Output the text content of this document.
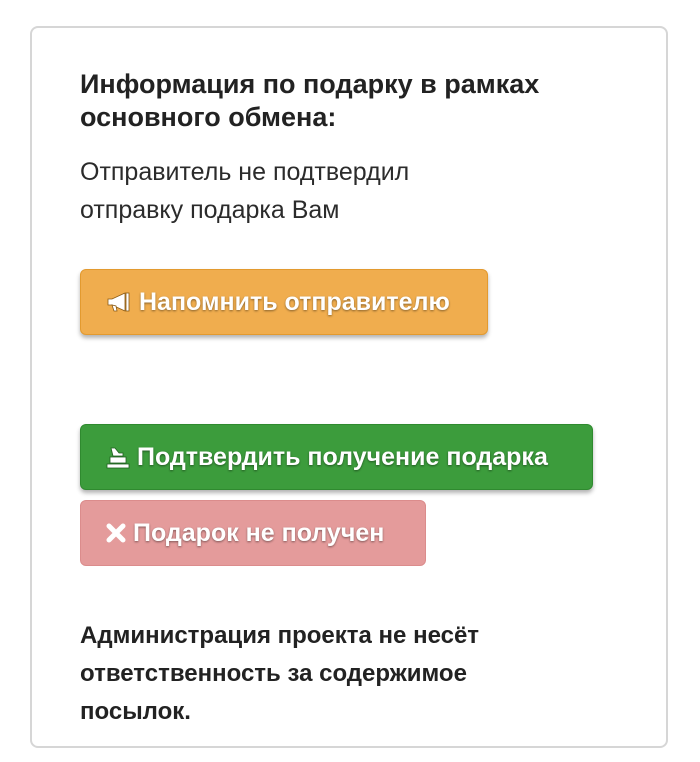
Информация по подарку в рамках основного обмена:

Отправитель не подтвердил отправку подарка Вам

Напомнить отправителю
Подтвердить получение подарка
Подарок не получен

Администрация проекта не несёт ответственность за содержимое посылок.
